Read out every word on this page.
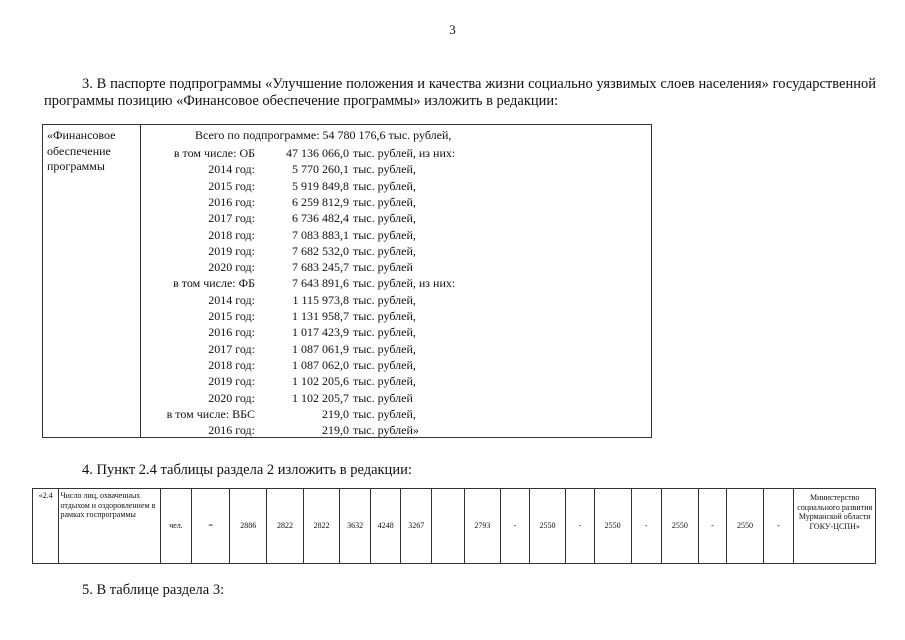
3
3. В паспорте подпрограммы «Улучшение положения и качества жизни социально уязвимых слоев населения» государственной программы позицию «Финансовое обеспечение программы» изложить в редакции:
«Финансовое обеспечение программы
Всего по подпрограмме: 54 780 176,6 тыс. рублей,
в том числе: ОБ	47 136 066,0 тыс. рублей, из них:
2014 год:	5 770 260,1 тыс. рублей,
2015 год:	5 919 849,8 тыс. рублей,
2016 год:	6 259 812,9 тыс. рублей,
2017 год:	6 736 482,4 тыс. рублей,
2018 год:	7 083 883,1 тыс. рублей,
2019 год:	7 682 532,0 тыс. рублей,
2020 год:	7 683 245,7 тыс. рублей
в том числе: ФБ	7 643 891,6 тыс. рублей, из них:
2014 год:	1 115 973,8 тыс. рублей,
2015 год:	1 131 958,7 тыс. рублей,
2016 год:	1 017 423,9 тыс. рублей,
2017 год:	1 087 061,9 тыс. рублей,
2018 год:	1 087 062,0 тыс. рублей,
2019 год:	1 102 205,6 тыс. рублей,
2020 год:	1 102 205,7 тыс. рублей
в том числе: ВБС	219,0 тыс. рублей,
2016 год:	219,0 тыс. рублей»
4. Пункт 2.4 таблицы раздела 2 изложить в редакции:
«2.4	Число лиц, охваченных отдыхом и оздоровлением в рамках госпрограммы	чел.	=	2886	2822	2822	3632	4248	3267		2793	-	2550	-	2550	-	2550	-	2550	-	Министерство социального развития Мурманской области ГОКУ-ЦСПН»
5. В таблице раздела 3:
